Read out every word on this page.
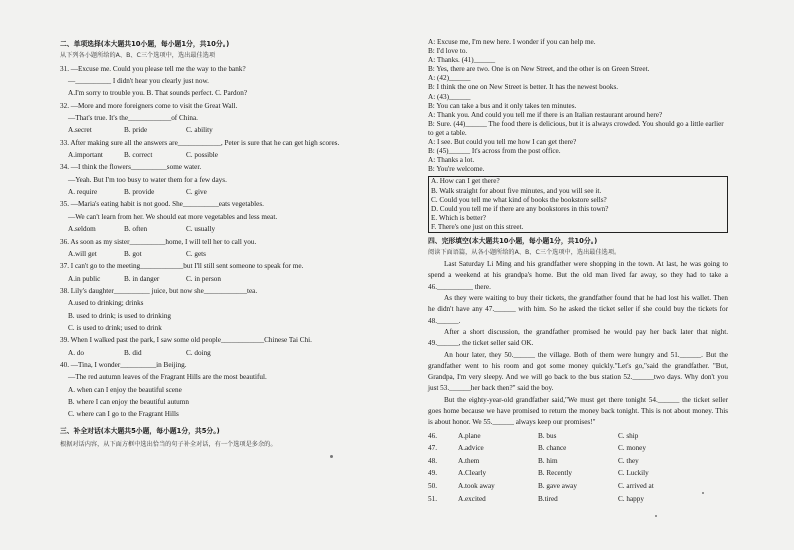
二、单项选择(本大题共10小题，每小题1分，共10分。)
从下列各小题所给的A、B、C三个选项中，选出最佳选项
31. —Excuse me. Could you please tell me the way to the bank?
—__________ I didn't hear you clearly just now.
A.I'm sorry to trouble you. B. That sounds perfect. C. Pardon?
32. —More and more foreigners come to visit the Great Wall.
—That's true. It's the____________of China.
A.secret	B. pride	C. ability
33. After making sure all the answers are____________, Peter is sure that he can get high scores.
A.important	B. correct	C. possible
34. —I think the flowers__________some water.
—Yeah. But I'm too busy to water them for a few days.
A. require	B. provide	C. give
35. —Maria's eating habit is not good. She__________eats vegetables.
—We can't learn from her. We should eat more vegetables and less meat.
A.seldom	B. often	C. usually
36. As soon as my sister__________home, I will tell her to call you.
A.will get	B. got	C. gets
37. I can't go to the meeting____________but I'll still sent someone to speak for me.
A.in public	B. in danger	C. in person
38. Lily's daughter__________ juice, but now she____________tea.
A.used to drinking; drinks
B. used to drink; is used to drinking
C. is used to drink; used to drink
39. When I walked past the park, I saw some old people____________Chinese Tai Chi.
A. do	B. did	C. doing
40. —Tina, I wonder__________in Beijing.
—The red autumn leaves of the Fragrant Hills are the most beautiful.
A. when can I enjoy the beautiful scene
B. where I can enjoy the beautiful autumn
C. where can I go to the Fragrant Hills
三、补全对话(本大题共5小题，每小题1分，共5分。)
根据对话内容，从下面方框中选出恰当的句子补全对话，有一个选项是多余的。
A: Excuse me, I'm new here. I wonder if you can help me.
B: I'd love to.
A: Thanks. (41)______
B: Yes, there are two. One is on New Street, and the other is on Green Street.
A: (42)______
B: I think the one on New Street is better. It has the newest books.
A: (43)______
B: You can take a bus and it only takes ten minutes.
A: Thank you. And could you tell me if there is an Italian restaurant around here?
B: Sure. (44)______ The food there is delicious, but it is always crowded. You should go a little earlier to get a table.
A: I see. But could you tell me how I can get there?
B: (45)______ It's across from the post office.
A: Thanks a lot.
B: You're welcome.
A. How can I get there?
B. Walk straight for about five minutes, and you will see it.
C. Could you tell me what kind of books the bookstore sells?
D. Could you tell me if there are any bookstores in this town?
E. Which is better?
F. There's one just on this street.
四、完形填空(本大题共10小题，每小题1分，共10分。)
阅读下面语篇，从各小题所给的A、B、C三个选项中，选出最佳选项。
Last Saturday Li Ming and his grandfather were shopping in the town. At last, he was going to spend a weekend at his grandpa's home. But the old man lived far away, so they had to take a 46.__________ there.
As they were waiting to buy their tickets, the grandfather found that he had lost his wallet. Then he didn't have any 47.______ with him. So he asked the ticket seller if she could buy the tickets for 48.______.
After a short discussion, the grandfather promised he would pay her back later that night. 49.______, the ticket seller said OK.
An hour later, they 50.______ the village. Both of them were hungry and 51.______. But the grandfather went to his room and got some money quickly."Let's go,"said the grandfather. "But, Grandpa, I'm very sleepy. And we will go back to the bus station 52.______two days. Why don't you just 53.______her back then?" said the boy.
But the eighty-year-old grandfather said,"We must get there tonight 54.______ the ticket seller goes home because we have promised to return the money back tonight. This is not about money. This is about honor. We 55.______ always keep our promises!"
46.	A.plane	B. bus	C. ship
47.	A.advice	B. chance	C. money
48.	A.them	B. him	C. they
49.	A.Clearly	B. Recently	C. Luckily
50.	A.took away	B. gave away	C. arrived at
51.	A.excited	B.tired	C. happy
